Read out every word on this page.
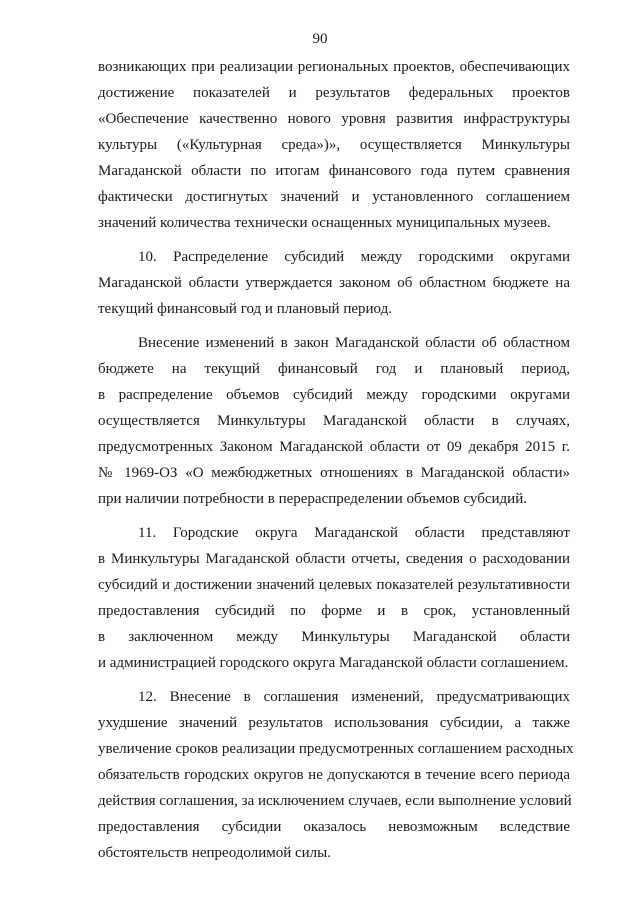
90

возникающих при реализации региональных проектов, обеспечивающих
достижение показателей и результатов федеральных проектов
«Обеспечение качественно нового уровня развития инфраструктуры
культуры («Культурная среда»)», осуществляется Минкультуры
Магаданской области по итогам финансового года путем сравнения
фактически достигнутых значений и установленного соглашением
значений количества технически оснащенных муниципальных музеев.

10. Распределение субсидий между городскими округами
Магаданской области утверждается законом об областном бюджете на
текущий финансовый год и плановый период.

Внесение изменений в закон Магаданской области об областном
бюджете на текущий финансовый год и плановый период,
в распределение объемов субсидий между городскими округами
осуществляется Минкультуры Магаданской области в случаях,
предусмотренных Законом Магаданской области от 09 декабря 2015 г.
№ 1969-ОЗ «О межбюджетных отношениях в Магаданской области»
при наличии потребности в перераспределении объемов субсидий.

11. Городские округа Магаданской области представляют
в Минкультуры Магаданской области отчеты, сведения о расходовании
субсидий и достижении значений целевых показателей результативности
предоставления субсидий по форме и в срок, установленный
в заключенном между Минкультуры Магаданской области
и администрацией городского округа Магаданской области соглашением.

12. Внесение в соглашения изменений, предусматривающих
ухудшение значений результатов использования субсидии, а также
увеличение сроков реализации предусмотренных соглашением расходных
обязательств городских округов не допускаются в течение всего периода
действия соглашения, за исключением случаев, если выполнение условий
предоставления субсидии оказалось невозможным вследствие
обстоятельств непреодолимой силы.
